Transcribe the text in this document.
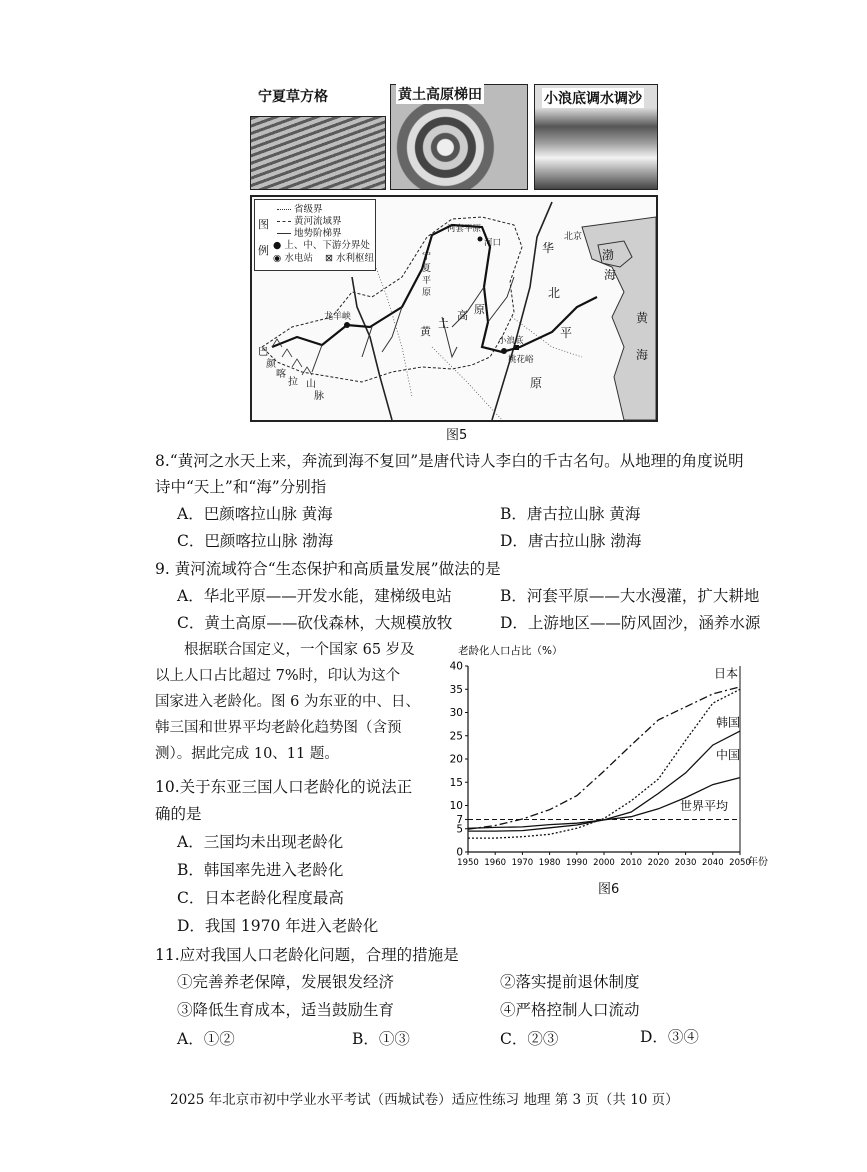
宁夏草方格	黄土高原梯田	小浪底调水调沙
河套平原
北京
华
北
平
原
渤
海
黄
海
宁
夏
平
原
黄
土
高 原
龙羊峡
巴
颜
喀
拉 山
脉
小浪底
桃花峪
河口
图例
省级界
黄河流域界
地势阶梯界
● 上、中、下游分界处
◉ 水电站 ⊠ 水利枢纽
图5
8.“黄河之水天上来，奔流到海不复回”是唐代诗人李白的千古名句。从地理的角度说明
诗中“天上”和“海”分别指
A．巴颜喀拉山脉 黄海	B．唐古拉山脉 黄海
C．巴颜喀拉山脉 渤海	D．唐古拉山脉 渤海
9. 黄河流域符合“生态保护和高质量发展”做法的是
A．华北平原——开发水能，建梯级电站	B．河套平原——大水漫灌，扩大耕地
C．黄土高原——砍伐森林，大规模放牧	D．上游地区——防风固沙，涵养水源
根据联合国定义，一个国家 65 岁及
以上人口占比超过 7%时，印认为这个
国家进入老龄化。图 6 为东亚的中、日、
韩三国和世界平均老龄化趋势图（含预
测）。据此完成 10、11 题。
10.关于东亚三国人口老龄化的说法正
确的是
A．三国均未出现老龄化
B．韩国率先进入老龄化
C．日本老龄化程度最高
D．我国 1970 年进入老龄化
0
5
7
10
15
20
25
30
35
40
1950 1960 1970 1980 1990 2000 2010 2020 2030 2040 2050
老龄化人口占比（%）
年份
日本
韩国
中国
世界平均
图6
11.应对我国人口老龄化问题，合理的措施是
①完善养老保障，发展银发经济	②落实提前退休制度
③降低生育成本，适当鼓励生育	④严格控制人口流动
A．①②	B．①③	C．②③	D．③④
2025 年北京市初中学业水平考试（西城试卷）适应性练习 地理 第 3 页（共 10 页）
